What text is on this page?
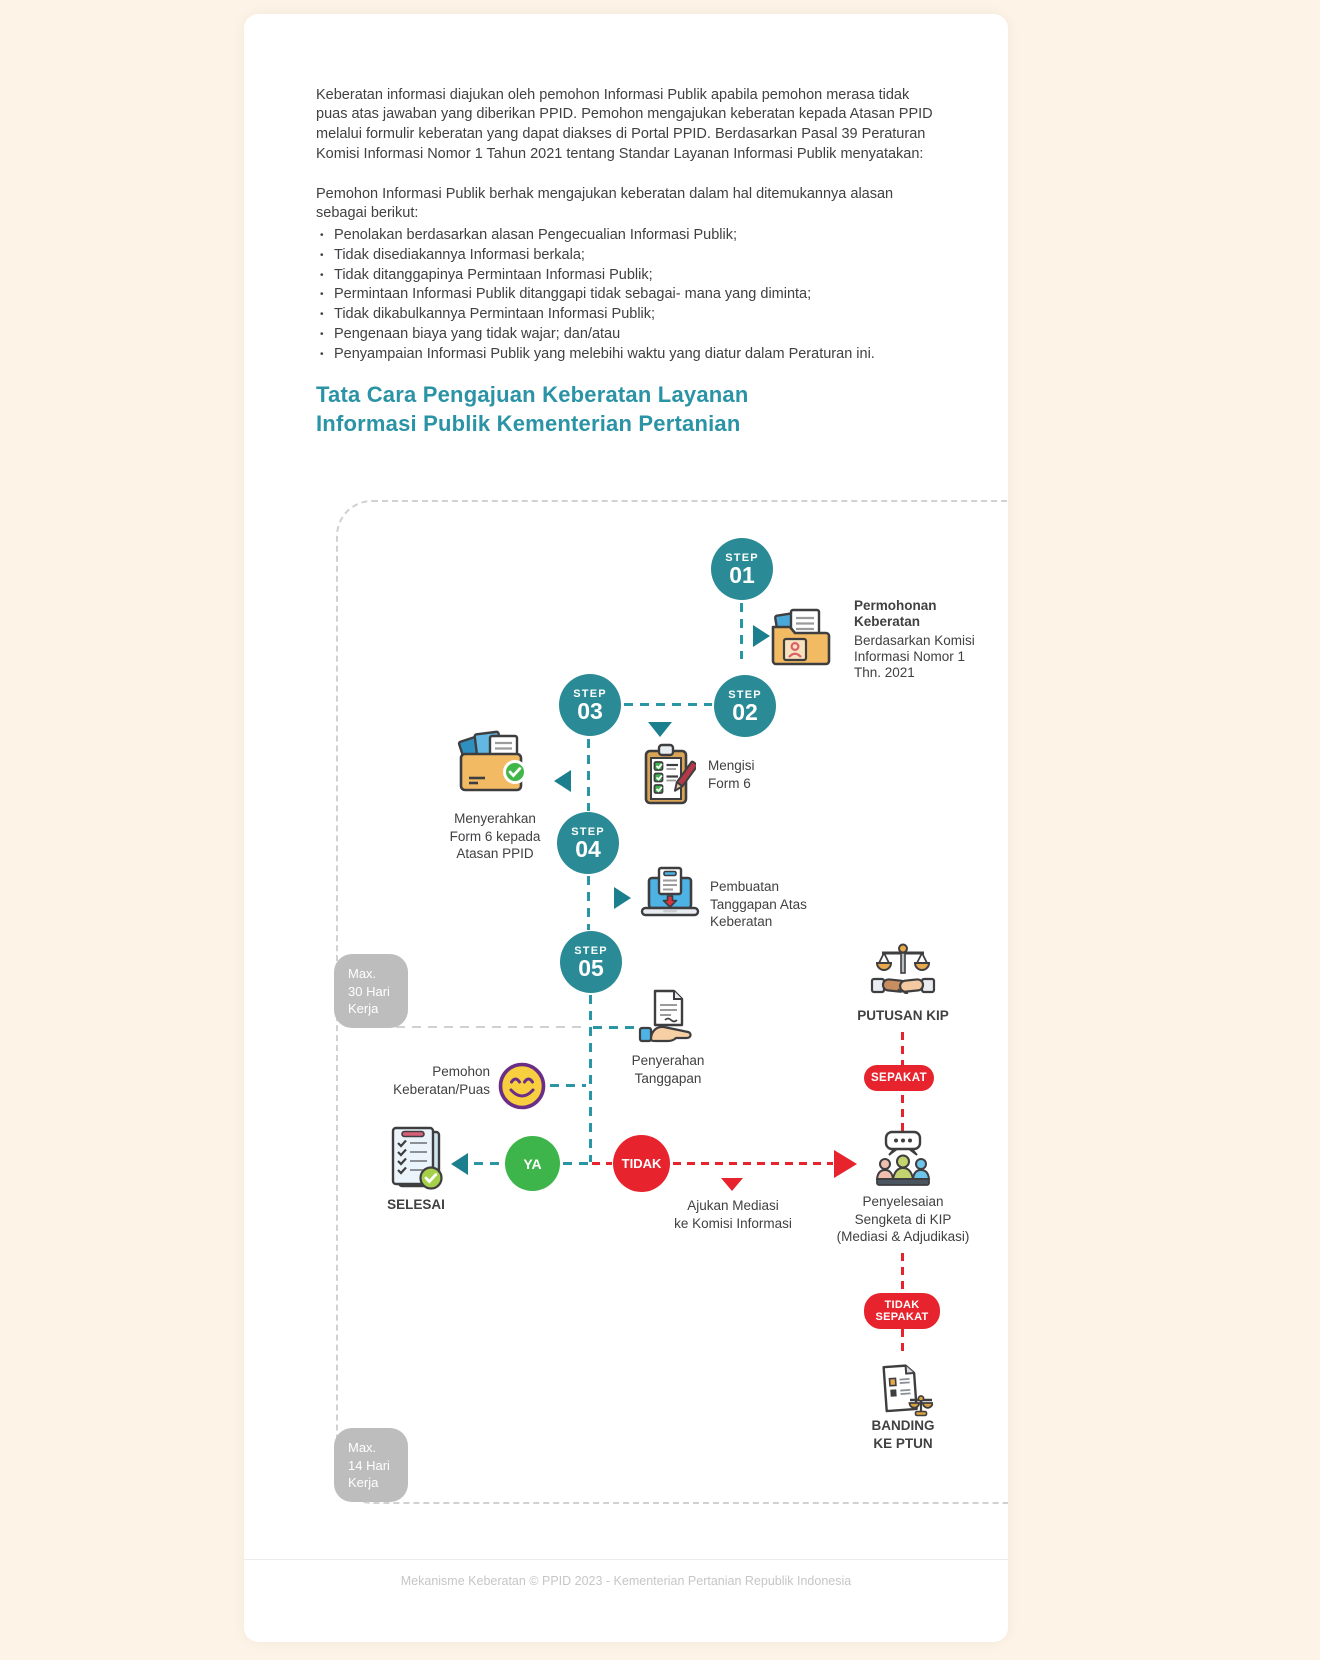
Keberatan informasi diajukan oleh pemohon Informasi Publik apabila pemohon merasa tidak puas atas jawaban yang diberikan PPID. Pemohon mengajukan keberatan kepada Atasan PPID melalui formulir keberatan yang dapat diakses di Portal PPID. Berdasarkan Pasal 39 Peraturan Komisi Informasi Nomor 1 Tahun 2021 tentang Standar Layanan Informasi Publik menyatakan:

Pemohon Informasi Publik berhak mengajukan keberatan dalam hal ditemukannya alasan sebagai berikut:

• Penolakan berdasarkan alasan Pengecualian Informasi Publik;
• Tidak disediakannya Informasi berkala;
• Tidak ditanggapinya Permintaan Informasi Publik;
• Permintaan Informasi Publik ditanggapi tidak sebagai- mana yang diminta;
• Tidak dikabulkannya Permintaan Informasi Publik;
• Pengenaan biaya yang tidak wajar; dan/atau
• Penyampaian Informasi Publik yang melebihi waktu yang diatur dalam Peraturan ini.
Tata Cara Pengajuan Keberatan Layanan
Informasi Publik Kementerian Pertanian
STEP
01
STEP
02
STEP
03
STEP
04
STEP
05
Permohonan Keberatan
Berdasarkan Komisi Informasi Nomor 1 Thn. 2021
Mengisi
Form 6
Menyerahkan
Form 6 kepada
Atasan PPID
Pembuatan
Tanggapan Atas
Keberatan
Penyerahan
Tanggapan
Max.
30 Hari
Kerja
Pemohon
Keberatan/Puas
SELESAI
YA	TIDAK
Ajukan Mediasi
ke Komisi Informasi
PUTUSAN KIP
SEPAKAT
Penyelesaian
Sengketa di KIP
(Mediasi & Adjudikasi)
TIDAK
SEPAKAT
BANDING
KE PTUN
Max.
14 Hari
Kerja
Mekanisme Keberatan © PPID 2023 - Kementerian Pertanian Republik Indonesia
